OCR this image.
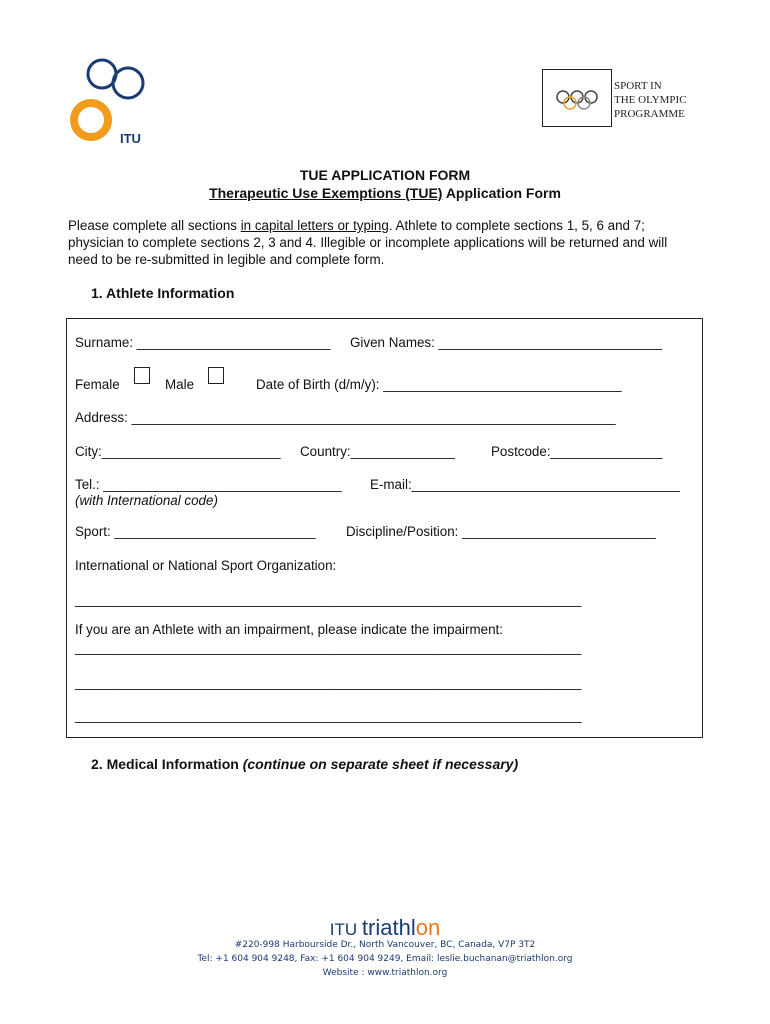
ITU
SPORT IN
THE OLYMPIC
PROGRAMME
TUE APPLICATION FORM
Therapeutic Use Exemptions (TUE) Application Form
Please complete all sections in capital letters or typing. Athlete to complete sections 1, 5, 6 and 7; physician to complete sections 2, 3 and 4. Illegible or incomplete applications will be returned and will need to be re-submitted in legible and complete form.
1. Athlete Information
Surname: __________________________ Given Names: ______________________________
Female	Male	Date of Birth (d/m/y): ________________________________
Address: _________________________________________________________________
City:________________________ Country:______________	Postcode:_______________
Tel.: ________________________________
(with International code)
E-mail:____________________________________
Sport: ___________________________ Discipline/Position: __________________________
International or National Sport Organization:
____________________________________________________________________
If you are an Athlete with an impairment, please indicate the impairment:
____________________________________________________________________
____________________________________________________________________
____________________________________________________________________
2. Medical Information (continue on separate sheet if necessary)
ITU triathlon
#220-998 Harbourside Dr., North Vancouver, BC, Canada, V7P 3T2
Tel: +1 604 904 9248, Fax: +1 604 904 9249, Email: leslie.buchanan@triathlon.org
Website : www.triathlon.org
